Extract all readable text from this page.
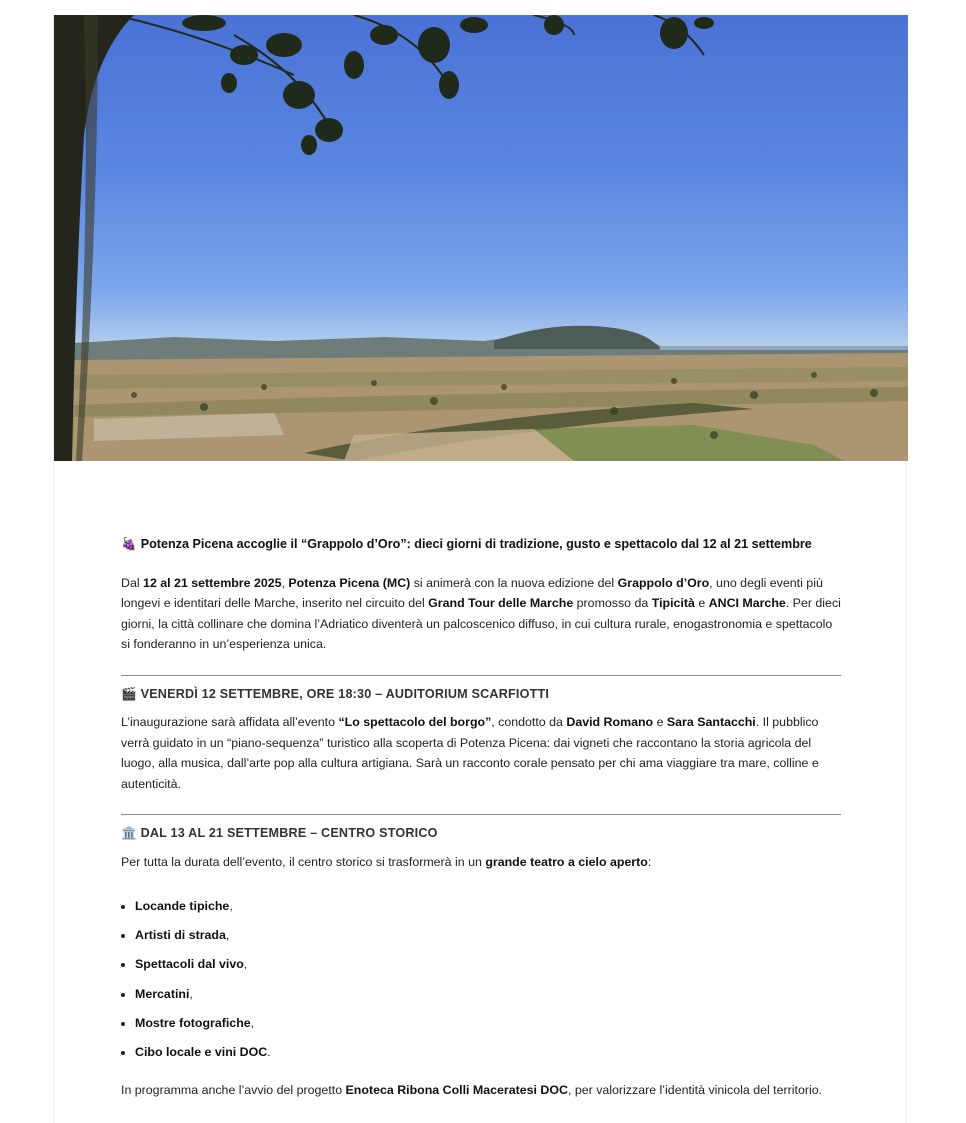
🍇 Potenza Picena accoglie il “Grappolo d’Oro”: dieci giorni di tradizione, gusto e spettacolo dal 12 al 21 settembre

Dal 12 al 21 settembre 2025, Potenza Picena (MC) si animerà con la nuova edizione del Grappolo d’Oro, uno degli eventi più longevi e identitari delle Marche, inserito nel circuito del Grand Tour delle Marche promosso da Tipicità e ANCI Marche. Per dieci giorni, la città collinare che domina l’Adriatico diventerà un palcoscenico diffuso, in cui cultura rurale, enogastronomia e spettacolo si fonderanno in un’esperienza unica.

🎬 VENERDÌ 12 SETTEMBRE, ORE 18:30 – AUDITORIUM SCARFIOTTI

L’inaugurazione sarà affidata all’evento “Lo spettacolo del borgo”, condotto da David Romano e Sara Santacchi. Il pubblico verrà guidato in un “piano-sequenza” turistico alla scoperta di Potenza Picena: dai vigneti che raccontano la storia agricola del luogo, alla musica, dall’arte pop alla cultura artigiana. Sarà un racconto corale pensato per chi ama viaggiare tra mare, colline e autenticità.

🏛️ DAL 13 AL 21 SETTEMBRE – CENTRO STORICO

Per tutta la durata dell’evento, il centro storico si trasformerà in un grande teatro a cielo aperto:

• Locande tipiche,
• Artisti di strada,
• Spettacoli dal vivo,
• Mercatini,
• Mostre fotografiche,
• Cibo locale e vini DOC.

In programma anche l’avvio del progetto Enoteca Ribona Colli Maceratesi DOC, per valorizzare l’identità vinicola del territorio.
